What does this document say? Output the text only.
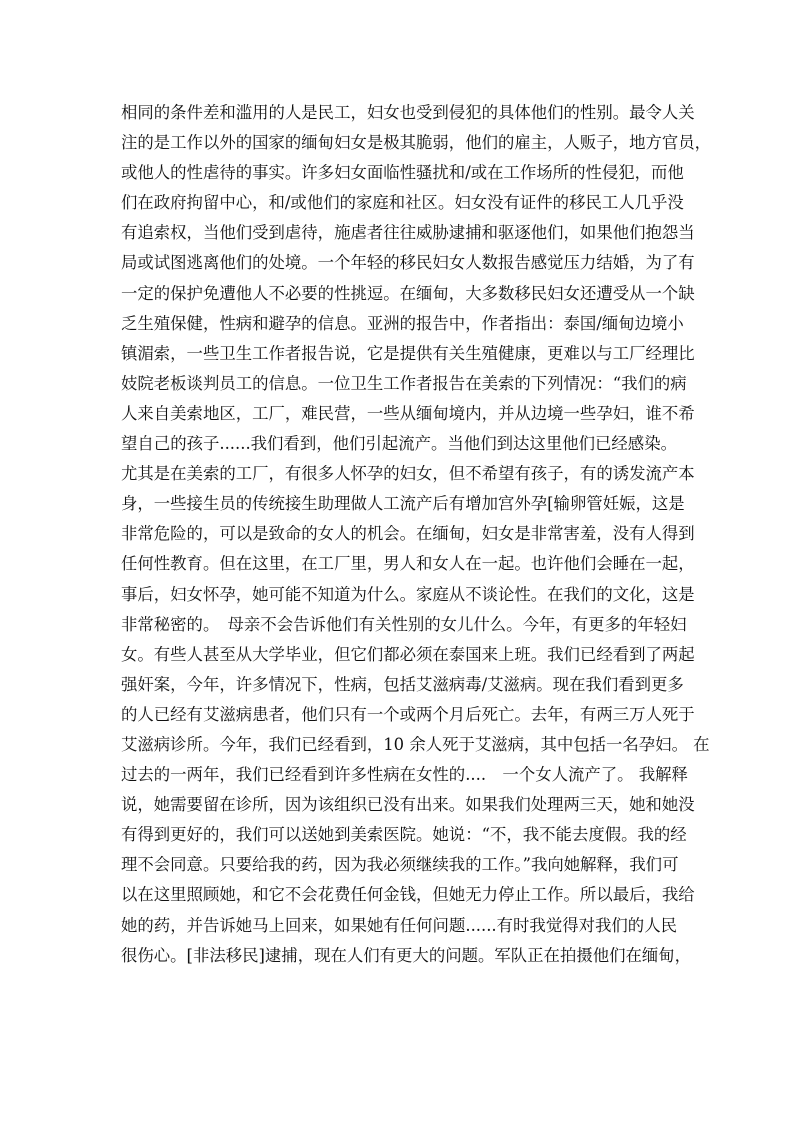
相同的条件差和滥用的人是民工，妇女也受到侵犯的具体他们的性别。最令人关
注的是工作以外的国家的缅甸妇女是极其脆弱，他们的雇主，人贩子，地方官员，
或他人的性虐待的事实。许多妇女面临性骚扰和/或在工作场所的性侵犯，而他
们在政府拘留中心，和/或他们的家庭和社区。妇女没有证件的移民工人几乎没
有追索权，当他们受到虐待，施虐者往往威胁逮捕和驱逐他们，如果他们抱怨当
局或试图逃离他们的处境。一个年轻的移民妇女人数报告感觉压力结婚，为了有
一定的保护免遭他人不必要的性挑逗。在缅甸，大多数移民妇女还遭受从一个缺
乏生殖保健，性病和避孕的信息。亚洲的报告中，作者指出：泰国/缅甸边境小
镇湄索，一些卫生工作者报告说，它是提供有关生殖健康，更难以与工厂经理比
妓院老板谈判员工的信息。一位卫生工作者报告在美索的下列情况：“我们的病
人来自美索地区，工厂，难民营，一些从缅甸境内，并从边境一些孕妇，谁不希
望自己的孩子......我们看到，他们引起流产。当他们到达这里他们已经感染。
尤其是在美索的工厂，有很多人怀孕的妇女，但不希望有孩子，有的诱发流产本
身，一些接生员的传统接生助理做人工流产后有增加宫外孕[输卵管妊娠，这是
非常危险的，可以是致命的女人的机会。在缅甸，妇女是非常害羞，没有人得到
任何性教育。但在这里，在工厂里，男人和女人在一起。也许他们会睡在一起，
事后，妇女怀孕，她可能不知道为什么。家庭从不谈论性。在我们的文化，这是
非常秘密的。　母亲不会告诉他们有关性别的女儿什么。今年，有更多的年轻妇
女。有些人甚至从大学毕业，但它们都必须在泰国来上班。我们已经看到了两起
强奸案，今年，许多情况下，性病，包括艾滋病毒/艾滋病。现在我们看到更多
的人已经有艾滋病患者，他们只有一个或两个月后死亡。去年，有两三万人死于
艾滋病诊所。今年，我们已经看到，10 余人死于艾滋病，其中包括一名孕妇。 在
过去的一两年，我们已经看到许多性病在女性的....　一个女人流产了。 我解释
说，她需要留在诊所，因为该组织已没有出来。如果我们处理两三天，她和她没
有得到更好的，我们可以送她到美索医院。她说：“不，我不能去度假。我的经
理不会同意。只要给我的药，因为我必须继续我的工作。”我向她解释，我们可
以在这里照顾她，和它不会花费任何金钱，但她无力停止工作。所以最后，我给
她的药，并告诉她马上回来，如果她有任何问题......有时我觉得对我们的人民
很伤心。[非法移民]逮捕，现在人们有更大的问题。军队正在拍摄他们在缅甸，
